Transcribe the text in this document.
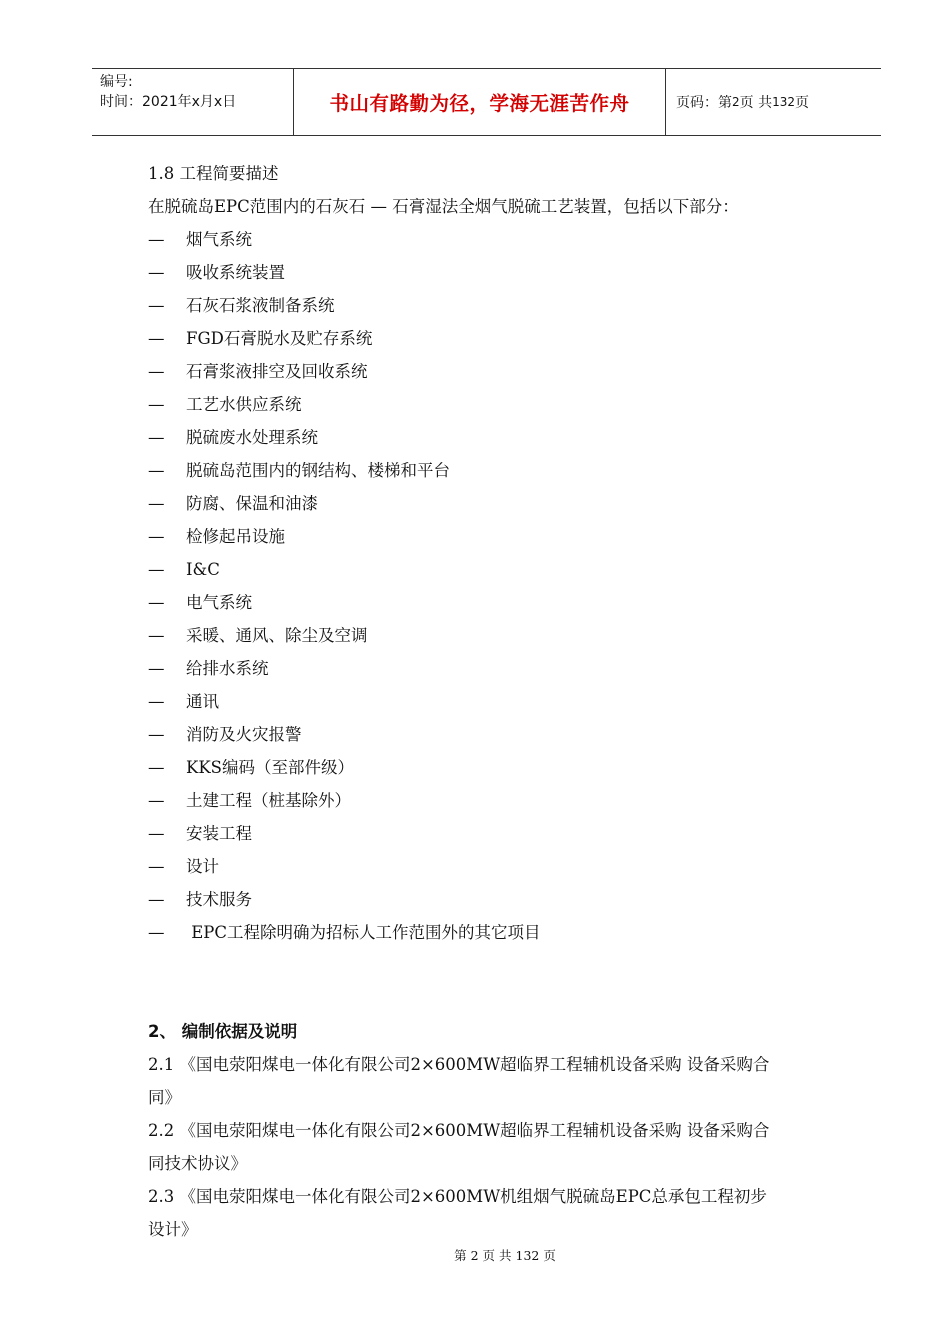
编号:
时间：2021年x月x日	书山有路勤为径，学海无涯苦作舟	页码：第 2 页 共 132 页
1.8 工程简要描述
在脱硫岛EPC范围内的石灰石 — 石膏湿法全烟气脱硫工艺装置，包括以下部分：
— 烟气系统
— 吸收系统装置
— 石灰石浆液制备系统
— FGD石膏脱水及贮存系统
— 石膏浆液排空及回收系统
— 工艺水供应系统
— 脱硫废水处理系统
— 脱硫岛范围内的钢结构、楼梯和平台
— 防腐、保温和油漆
— 检修起吊设施
— I&C
— 电气系统
— 采暖、通风、除尘及空调
— 给排水系统
— 通讯
— 消防及火灾报警
— KKS编码（至部件级）
— 土建工程（桩基除外）
— 安装工程
— 设计
— 技术服务
— EPC工程除明确为招标人工作范围外的其它项目
2、 编制依据及说明
2.1 《国电荥阳煤电一体化有限公司2×600MW超临界工程辅机设备采购 设备采购合
同》
2.2 《国电荥阳煤电一体化有限公司2×600MW超临界工程辅机设备采购 设备采购合
同技术协议》
2.3 《国电荥阳煤电一体化有限公司2×600MW机组烟气脱硫岛EPC总承包工程初步
设计》
第 2 页 共 132 页
